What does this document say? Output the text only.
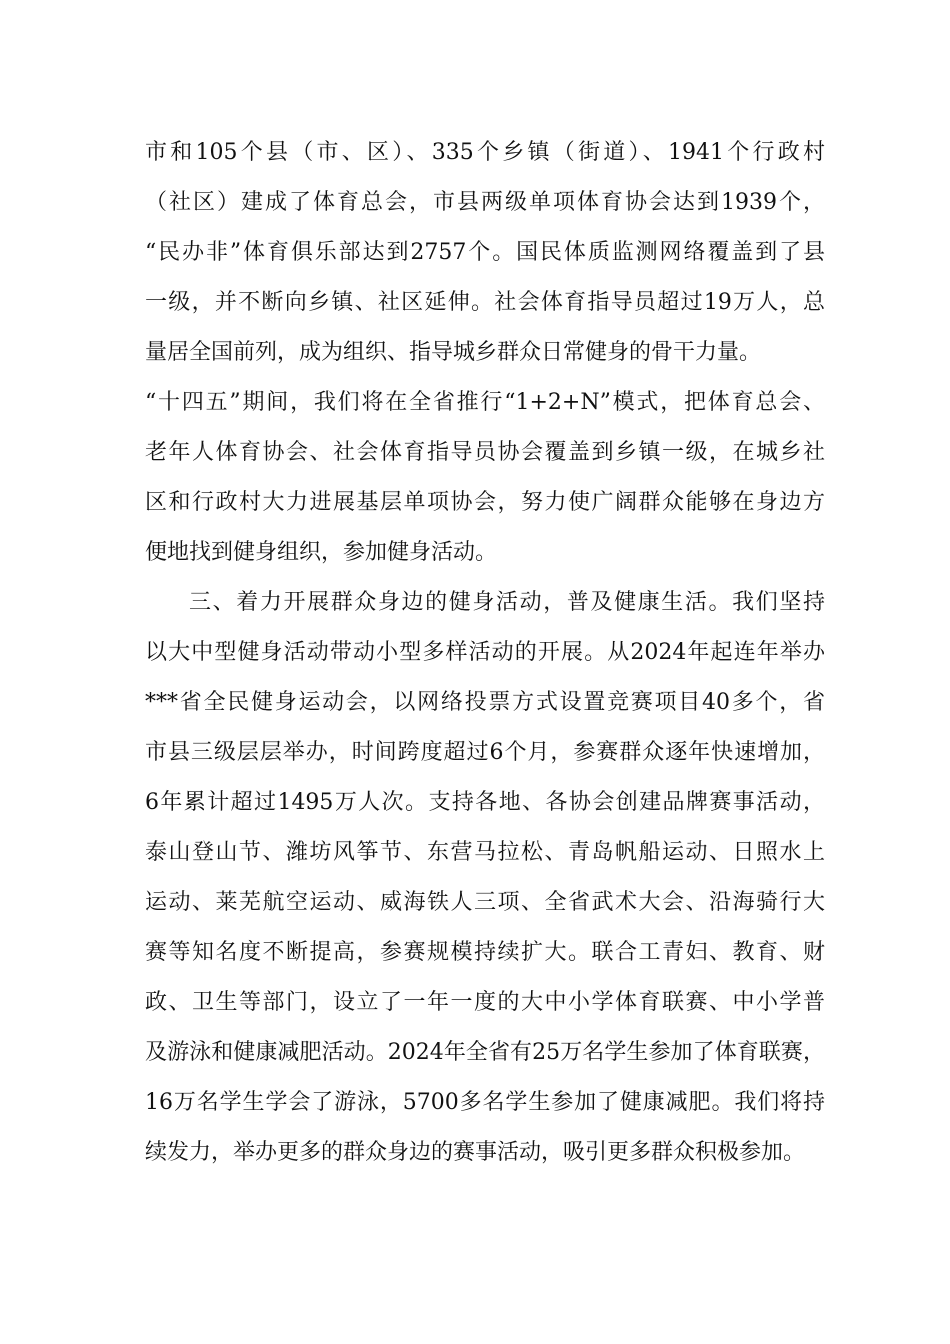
市和105个县（市、区）、335个乡镇（街道）、1941个行政村
（社区）建成了体育总会，市县两级单项体育协会达到1939个，
“民办非”体育俱乐部达到2757个。国民体质监测网络覆盖到了县
一级，并不断向乡镇、社区延伸。社会体育指导员超过19万人，总
量居全国前列，成为组织、指导城乡群众日常健身的骨干力量。
“十四五”期间，我们将在全省推行“1+2+N”模式，把体育总会、
老年人体育协会、社会体育指导员协会覆盖到乡镇一级，在城乡社
区和行政村大力进展基层单项协会，努力使广阔群众能够在身边方
便地找到健身组织，参加健身活动。
三、着力开展群众身边的健身活动，普及健康生活。我们坚持
以大中型健身活动带动小型多样活动的开展。从2024年起连年举办
***省全民健身运动会，以网络投票方式设置竞赛项目40多个，省
市县三级层层举办，时间跨度超过6个月，参赛群众逐年快速增加，
6年累计超过1495万人次。支持各地、各协会创建品牌赛事活动，
泰山登山节、潍坊风筝节、东营马拉松、青岛帆船运动、日照水上
运动、莱芜航空运动、威海铁人三项、全省武术大会、沿海骑行大
赛等知名度不断提高，参赛规模持续扩大。联合工青妇、教育、财
政、卫生等部门，设立了一年一度的大中小学体育联赛、中小学普
及游泳和健康减肥活动。2024年全省有25万名学生参加了体育联赛，
16万名学生学会了游泳，5700多名学生参加了健康减肥。我们将持
续发力，举办更多的群众身边的赛事活动，吸引更多群众积极参加。
